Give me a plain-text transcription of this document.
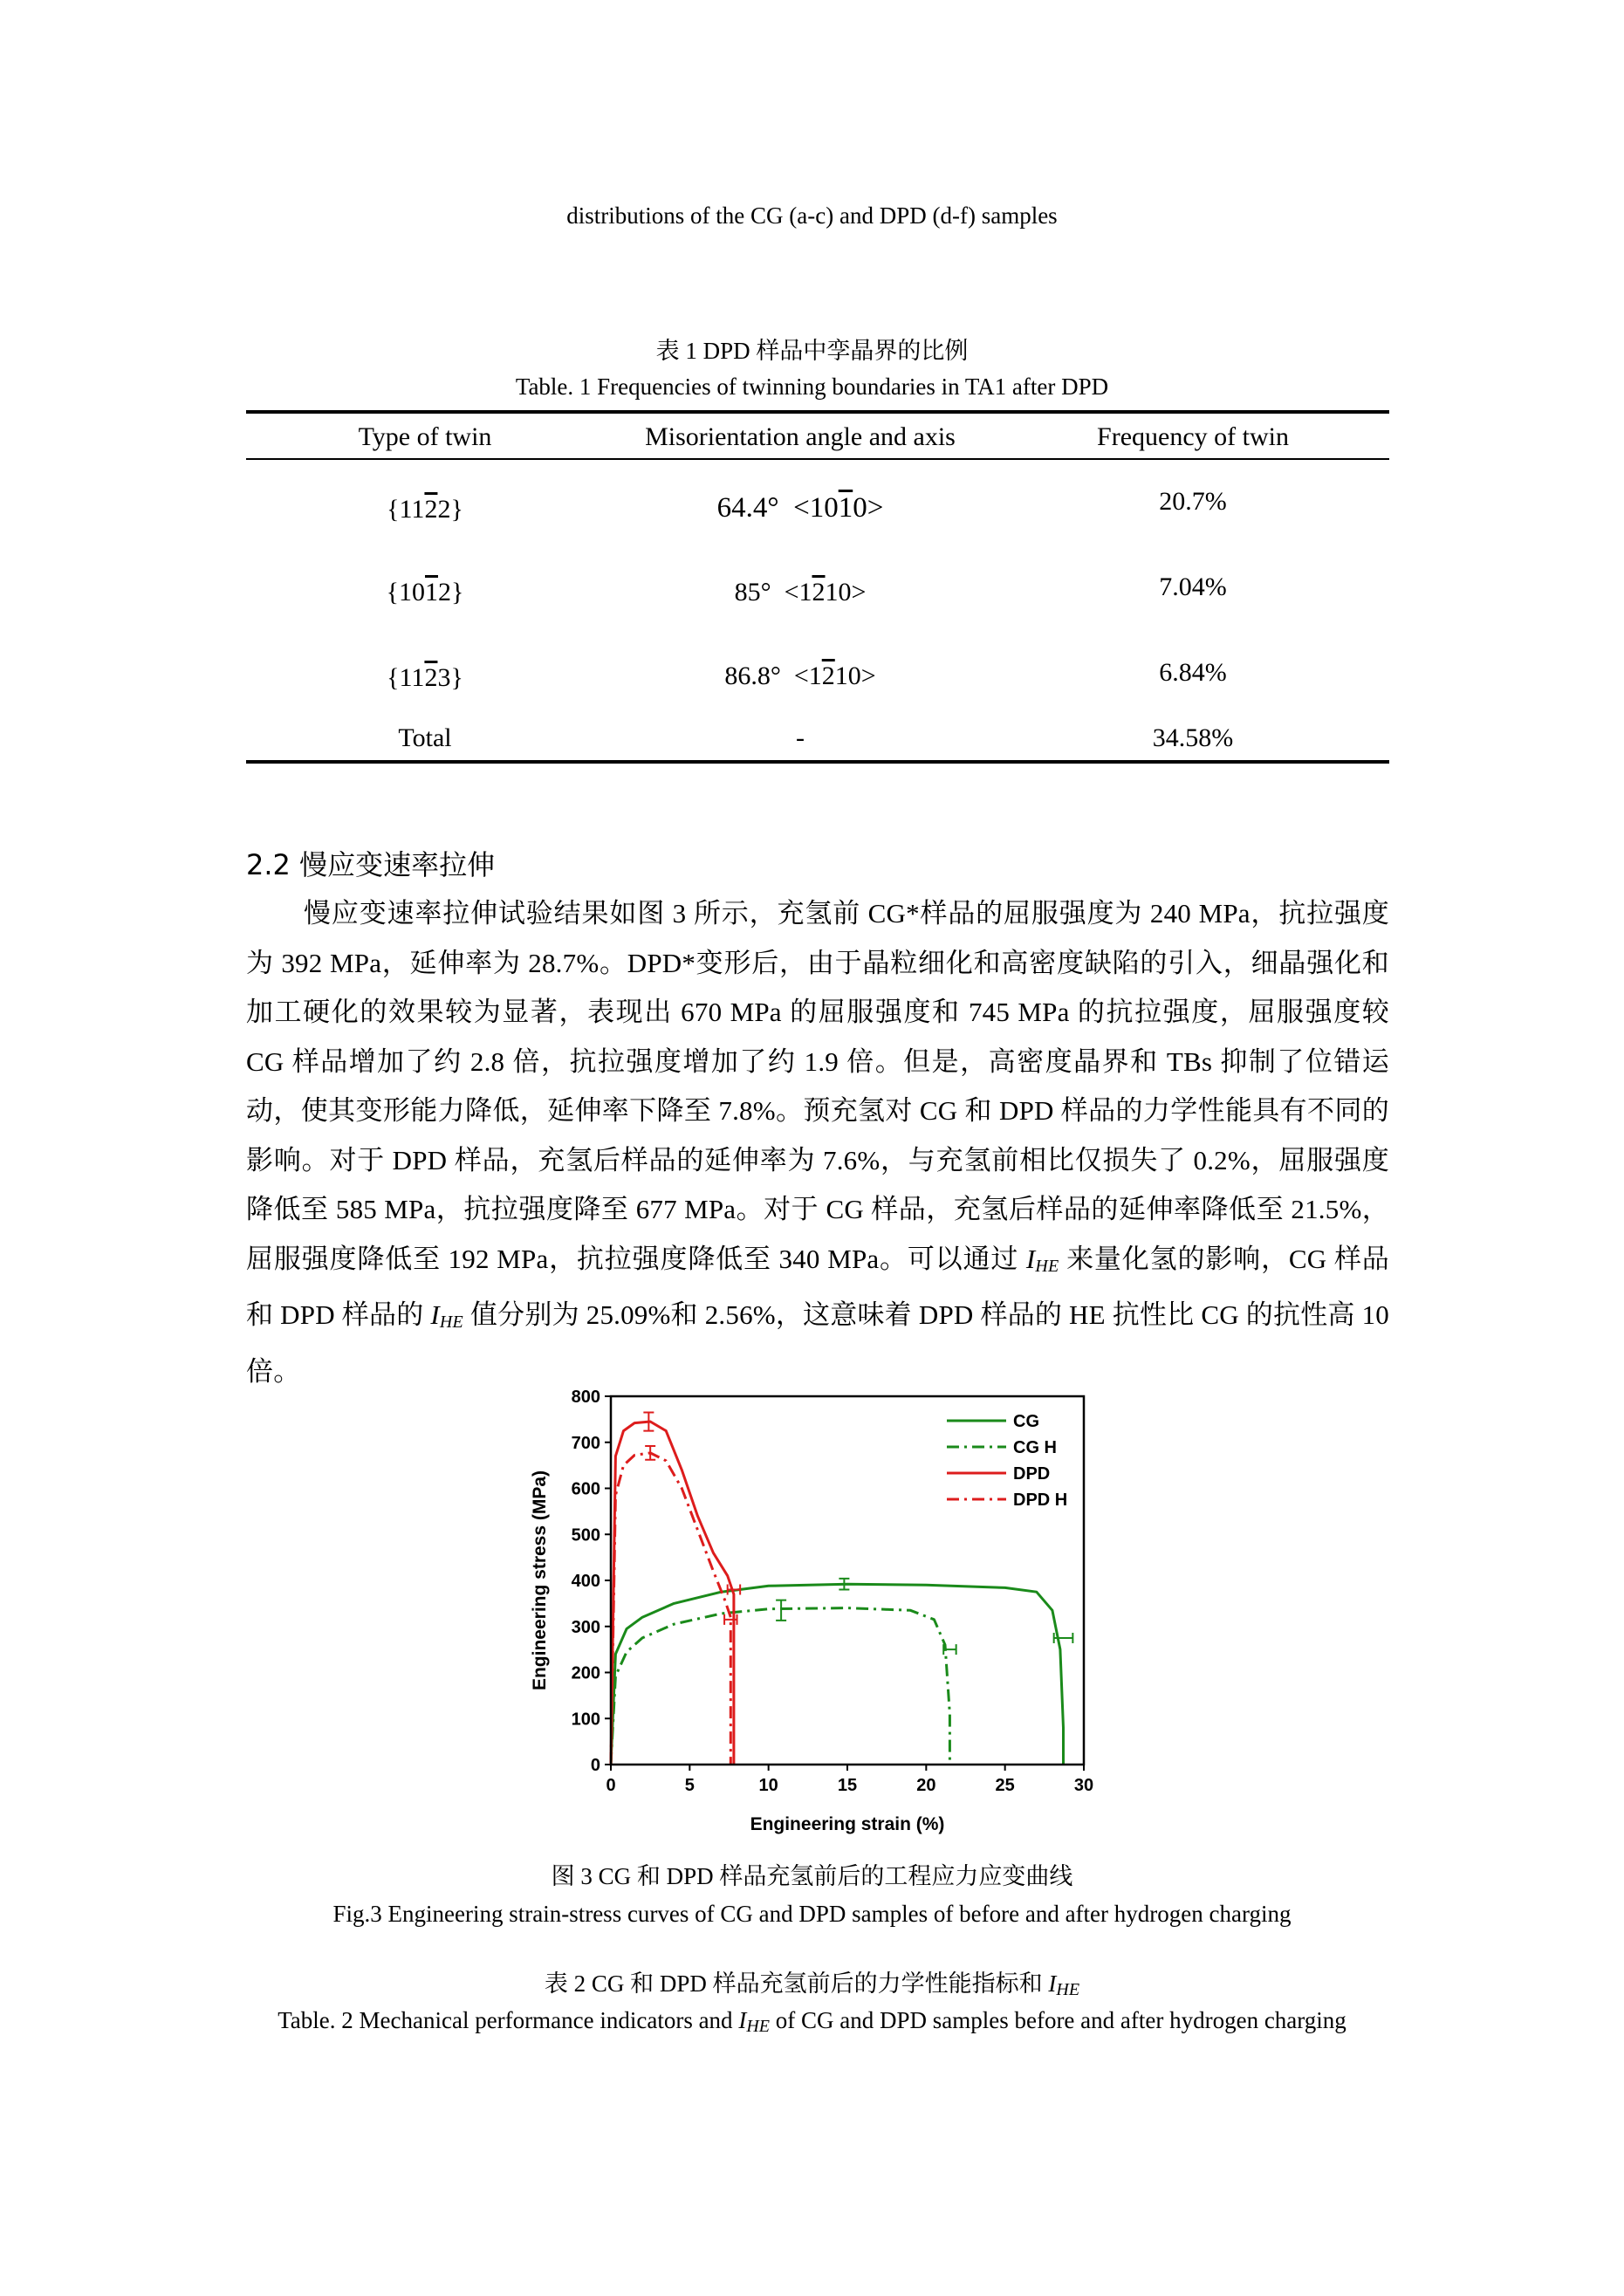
distributions of the CG (a-c) and DPD (d-f) samples
表 1 DPD 样品中孪晶界的比例
Table. 1 Frequencies of twinning boundaries in TA1 after DPD
Type of twin	Misorientation angle and axis	Frequency of twin
{1122}	64.4° <1010>	20.7%
{1012}	85° <1210>	7.04%
{1123}	86.8° <1210>	6.84%
Total	-	34.58%
2.2 慢应变速率拉伸
慢应变速率拉伸试验结果如图 3 所示，充氢前 CG*样品的屈服强度为 240 MPa，抗拉强度为 392 MPa，延伸率为 28.7%。DPD*变形后，由于晶粒细化和高密度缺陷的引入，细晶强化和加工硬化的效果较为显著，表现出 670 MPa 的屈服强度和 745 MPa 的抗拉强度，屈服强度较 CG 样品增加了约 2.8 倍，抗拉强度增加了约 1.9 倍。但是，高密度晶界和 TBs 抑制了位错运动，使其变形能力降低，延伸率下降至 7.8%。预充氢对 CG 和 DPD 样品的力学性能具有不同的影响。对于 DPD 样品，充氢后样品的延伸率为 7.6%，与充氢前相比仅损失了 0.2%，屈服强度降低至 585 MPa，抗拉强度降至 677 MPa。对于 CG 样品，充氢后样品的延伸率降低至 21.5%，屈服强度降低至 192 MPa，抗拉强度降低至 340 MPa。可以通过 $I_{HE}$ 来量化氢的影响，CG 样品和 DPD 样品的 $I_{HE}$ 值分别为 25.09%和 2.56%，这意味着 DPD 样品的 HE 抗性比 CG 的抗性高 10 倍。
0	5	10	15	20	25	30
0
100
200
300
400
500
600
700
800
CG
CG H
DPD
DPD H
Engineering strain (%)
Engineering stress (MPa)
图 3 CG 和 DPD 样品充氢前后的工程应力应变曲线
Fig.3 Engineering strain-stress curves of CG and DPD samples of before and after hydrogen charging
表 2 CG 和 DPD 样品充氢前后的力学性能指标和 $I_{HE}$
Table. 2 Mechanical performance indicators and $I_{HE}$ of CG and DPD samples before and after hydrogen charging
